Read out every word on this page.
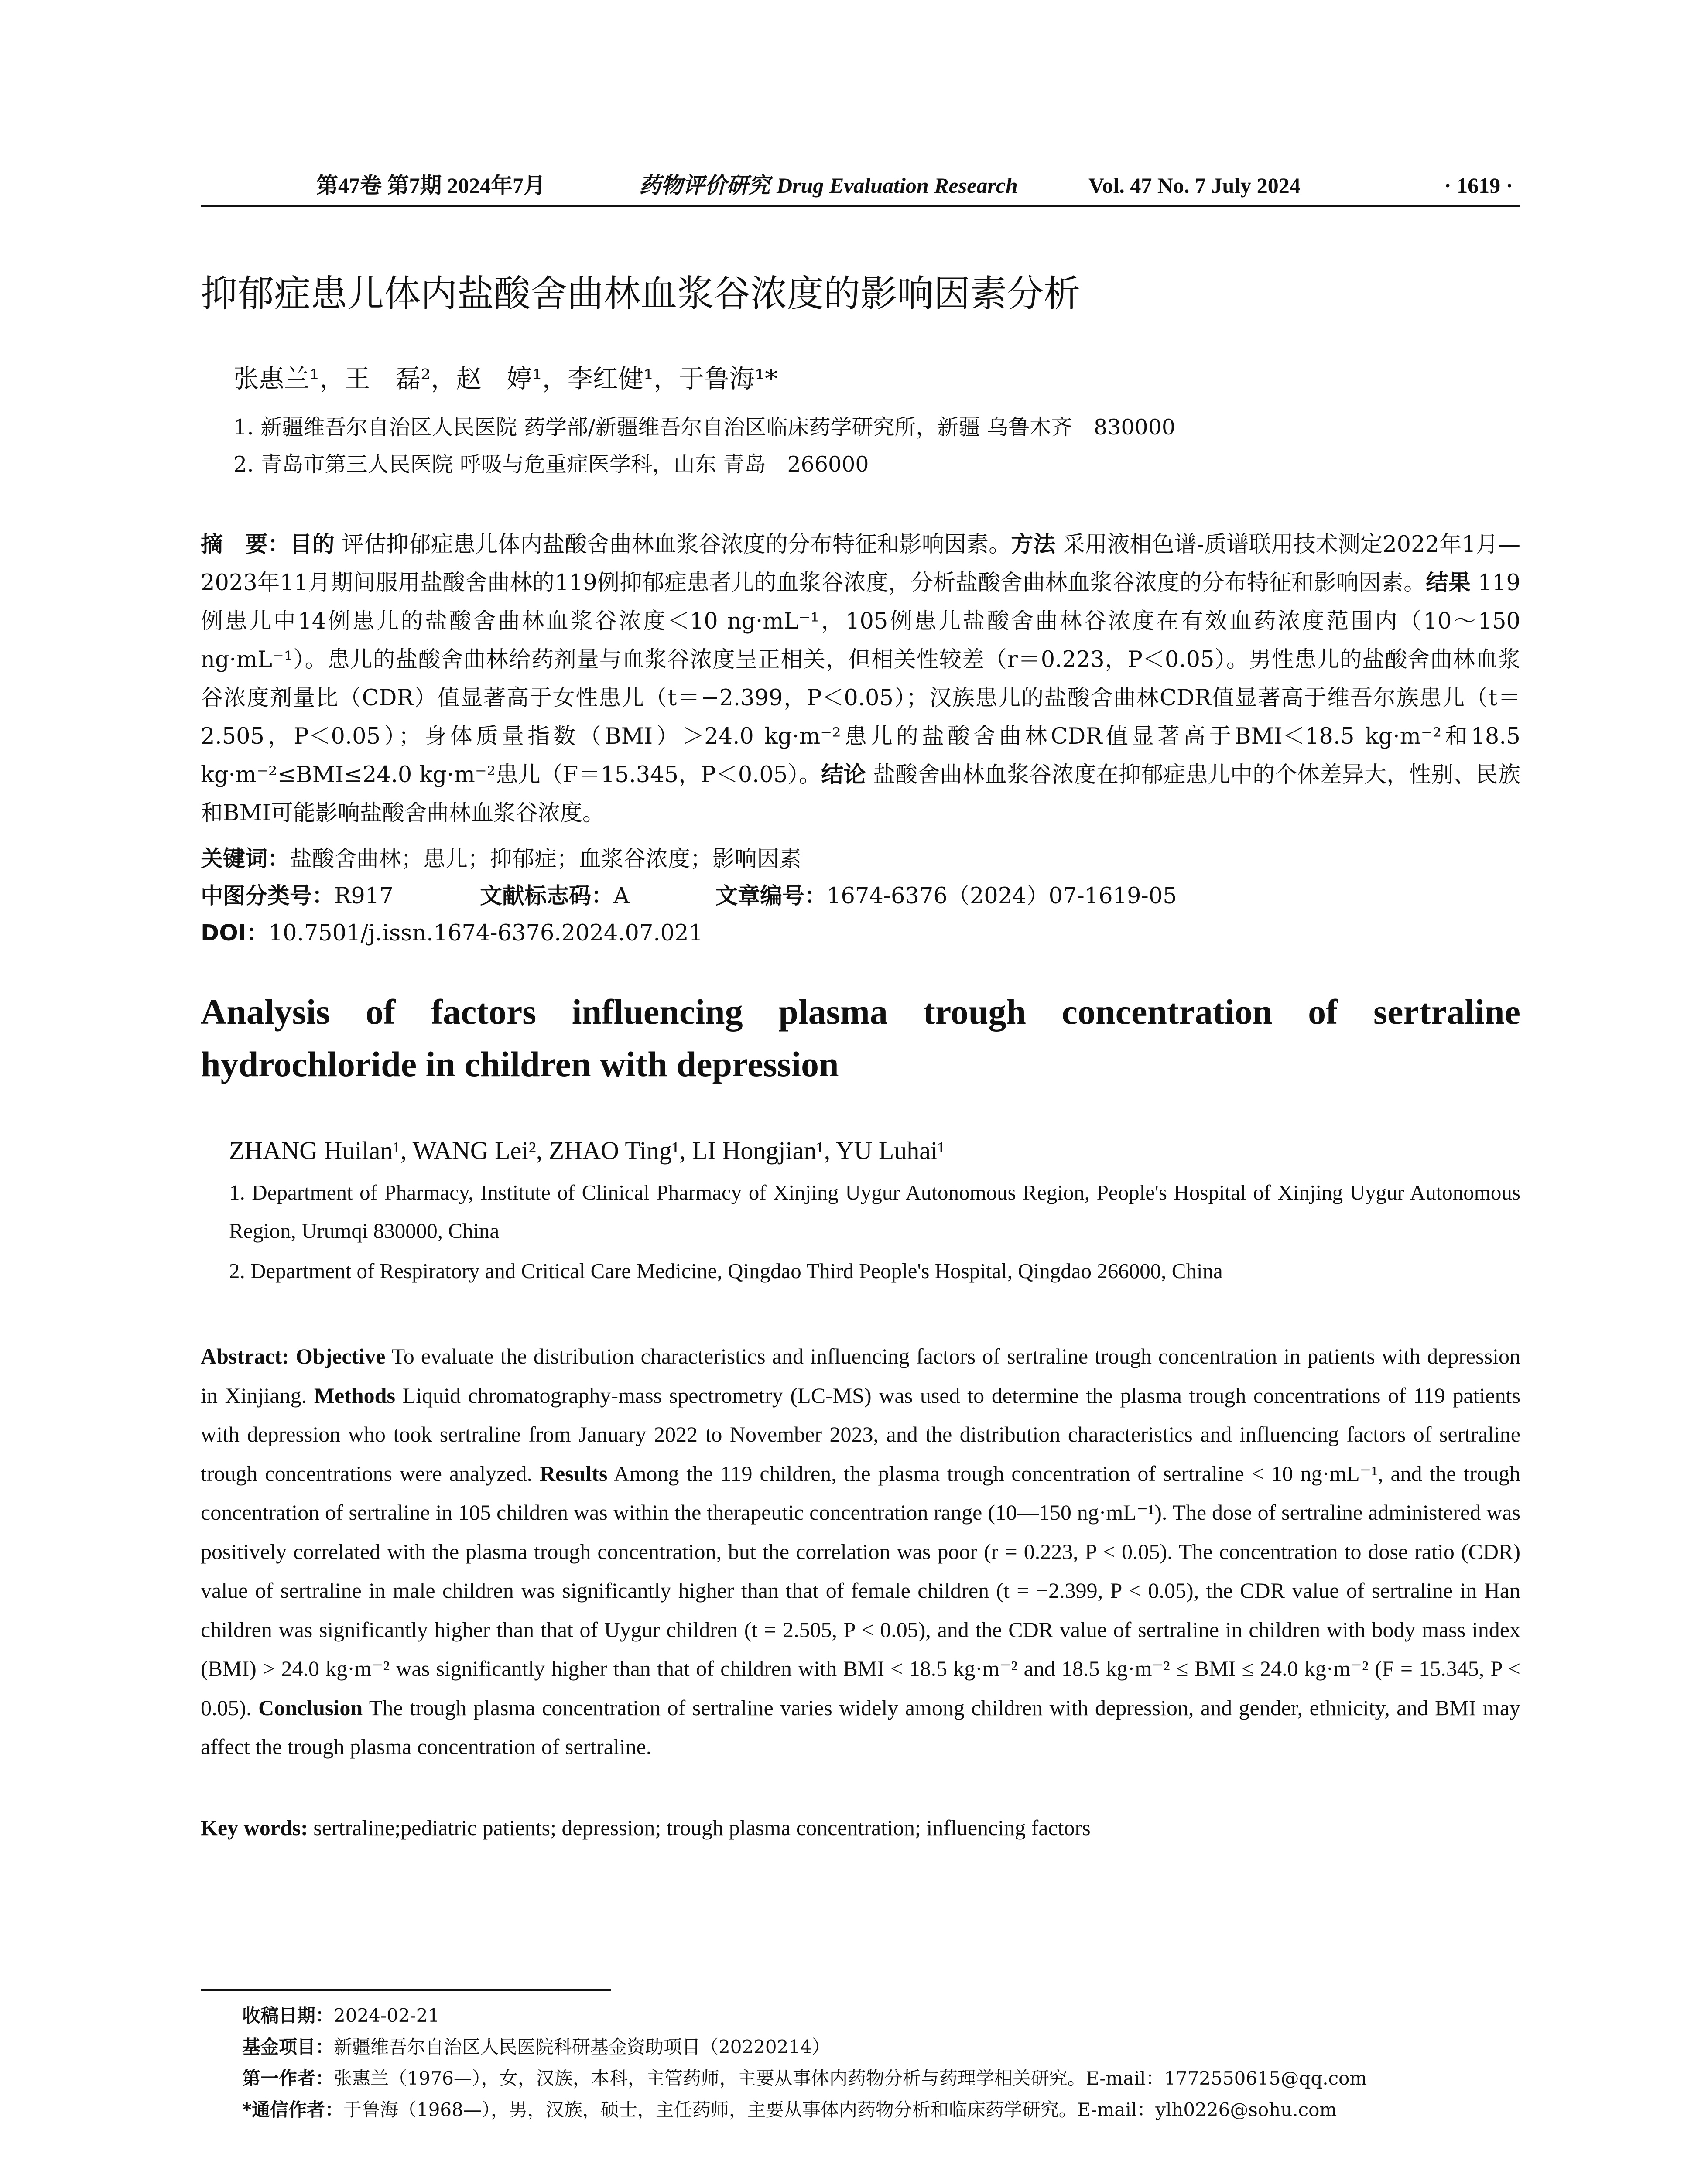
第47卷 第7期 2024年7月	药物评价研究 Drug Evaluation Research	Vol. 47 No. 7 July 2024	· 1619 ·
抑郁症患儿体内盐酸舍曲林血浆谷浓度的影响因素分析
张惠兰¹，王　磊²，赵　婷¹，李红健¹，于鲁海¹*
1. 新疆维吾尔自治区人民医院 药学部/新疆维吾尔自治区临床药学研究所，新疆 乌鲁木齐　830000
2. 青岛市第三人民医院 呼吸与危重症医学科，山东 青岛　266000
摘　要：目的 评估抑郁症患儿体内盐酸舍曲林血浆谷浓度的分布特征和影响因素。方法 采用液相色谱-质谱联用技术测定2022年1月—2023年11月期间服用盐酸舍曲林的119例抑郁症患者儿的血浆谷浓度，分析盐酸舍曲林血浆谷浓度的分布特征和影响因素。结果 119例患儿中14例患儿的盐酸舍曲林血浆谷浓度＜10 ng·mL⁻¹，105例患儿盐酸舍曲林谷浓度在有效血药浓度范围内（10～150 ng·mL⁻¹）。患儿的盐酸舍曲林给药剂量与血浆谷浓度呈正相关，但相关性较差（r＝0.223，P＜0.05）。男性患儿的盐酸舍曲林血浆谷浓度剂量比（CDR）值显著高于女性患儿（t＝−2.399，P＜0.05）；汉族患儿的盐酸舍曲林CDR值显著高于维吾尔族患儿（t＝2.505，P＜0.05）；身体质量指数（BMI）＞24.0 kg·m⁻²患儿的盐酸舍曲林CDR值显著高于BMI＜18.5 kg·m⁻²和18.5 kg·m⁻²≤BMI≤24.0 kg·m⁻²患儿（F＝15.345，P＜0.05）。结论 盐酸舍曲林血浆谷浓度在抑郁症患儿中的个体差异大，性别、民族和BMI可能影响盐酸舍曲林血浆谷浓度。
关键词：盐酸舍曲林；患儿；抑郁症；血浆谷浓度；影响因素
中图分类号：R917	文献标志码：A	文章编号：1674-6376（2024）07-1619-05
DOI：10.7501/j.issn.1674-6376.2024.07.021
Analysis of factors influencing plasma trough concentration of sertraline hydrochloride in children with depression
ZHANG Huilan¹, WANG Lei², ZHAO Ting¹, LI Hongjian¹, YU Luhai¹
1. Department of Pharmacy, Institute of Clinical Pharmacy of Xinjing Uygur Autonomous Region, People's Hospital of Xinjing Uygur Autonomous Region, Urumqi 830000, China
2. Department of Respiratory and Critical Care Medicine, Qingdao Third People's Hospital, Qingdao 266000, China
Abstract: Objective To evaluate the distribution characteristics and influencing factors of sertraline trough concentration in patients with depression in Xinjiang. Methods Liquid chromatography-mass spectrometry (LC-MS) was used to determine the plasma trough concentrations of 119 patients with depression who took sertraline from January 2022 to November 2023, and the distribution characteristics and influencing factors of sertraline trough concentrations were analyzed. Results Among the 119 children, the plasma trough concentration of sertraline < 10 ng·mL⁻¹, and the trough concentration of sertraline in 105 children was within the therapeutic concentration range (10—150 ng·mL⁻¹). The dose of sertraline administered was positively correlated with the plasma trough concentration, but the correlation was poor (r = 0.223, P < 0.05). The concentration to dose ratio (CDR) value of sertraline in male children was significantly higher than that of female children (t = −2.399, P < 0.05), the CDR value of sertraline in Han children was significantly higher than that of Uygur children (t = 2.505, P < 0.05), and the CDR value of sertraline in children with body mass index (BMI) > 24.0 kg·m⁻² was significantly higher than that of children with BMI < 18.5 kg·m⁻² and 18.5 kg·m⁻² ≤ BMI ≤ 24.0 kg·m⁻² (F = 15.345, P < 0.05). Conclusion The trough plasma concentration of sertraline varies widely among children with depression, and gender, ethnicity, and BMI may affect the trough plasma concentration of sertraline.
Key words: sertraline;pediatric patients; depression; trough plasma concentration; influencing factors
收稿日期：2024-02-21
基金项目：新疆维吾尔自治区人民医院科研基金资助项目（20220214）
第一作者：张惠兰（1976—），女，汉族，本科，主管药师，主要从事体内药物分析与药理学相关研究。E-mail：1772550615@qq.com
*通信作者：于鲁海（1968—），男，汉族，硕士，主任药师，主要从事体内药物分析和临床药学研究。E-mail：ylh0226@sohu.com
